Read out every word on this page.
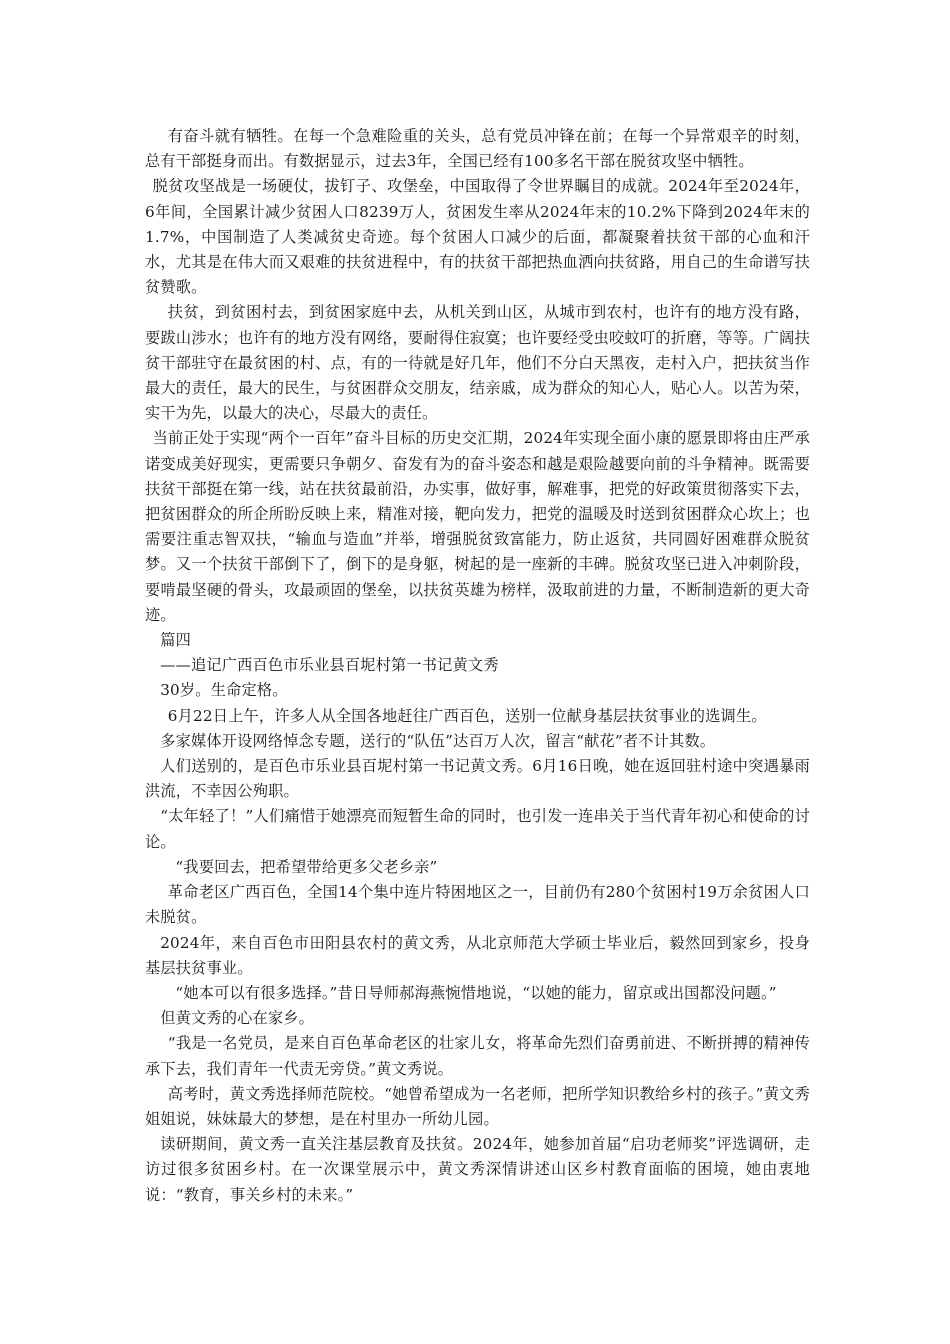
有奋斗就有牺牲。在每一个急难险重的关头，总有党员冲锋在前；在每一个异常艰辛的时刻，总有干部挺身而出。有数据显示，过去3年，全国已经有100多名干部在脱贫攻坚中牺牲。

脱贫攻坚战是一场硬仗，拔钉子、攻堡垒，中国取得了令世界瞩目的成就。2024年至2024年，6年间，全国累计减少贫困人口8239万人，贫困发生率从2024年末的10.2%下降到2024年末的1.7%，中国制造了人类减贫史奇迹。每个贫困人口减少的后面，都凝聚着扶贫干部的心血和汗水，尤其是在伟大而又艰难的扶贫进程中，有的扶贫干部把热血洒向扶贫路，用自己的生命谱写扶贫赞歌。

扶贫，到贫困村去，到贫困家庭中去，从机关到山区，从城市到农村，也许有的地方没有路，要跋山涉水；也许有的地方没有网络，要耐得住寂寞；也许要经受虫咬蚊叮的折磨，等等。广阔扶贫干部驻守在最贫困的村、点，有的一待就是好几年，他们不分白天黑夜，走村入户，把扶贫当作最大的责任，最大的民生，与贫困群众交朋友，结亲戚，成为群众的知心人，贴心人。以苦为荣，实干为先，以最大的决心，尽最大的责任。

当前正处于实现“两个一百年”奋斗目标的历史交汇期，2024年实现全面小康的愿景即将由庄严承诺变成美好现实，更需要只争朝夕、奋发有为的奋斗姿态和越是艰险越要向前的斗争精神。既需要扶贫干部挺在第一线，站在扶贫最前沿，办实事，做好事，解难事，把党的好政策贯彻落实下去，把贫困群众的所企所盼反映上来，精准对接，靶向发力，把党的温暖及时送到贫困群众心坎上；也需要注重志智双扶，“输血与造血”并举，增强脱贫致富能力，防止返贫，共同圆好困难群众脱贫梦。又一个扶贫干部倒下了，倒下的是身躯，树起的是一座新的丰碑。脱贫攻坚已进入冲刺阶段，要啃最坚硬的骨头，攻最顽固的堡垒，以扶贫英雄为榜样，汲取前进的力量，不断制造新的更大奇迹。

篇四

——追记广西百色市乐业县百坭村第一书记黄文秀

30岁。生命定格。

6月22日上午，许多人从全国各地赶往广西百色，送别一位献身基层扶贫事业的选调生。

多家媒体开设网络悼念专题，送行的“队伍”达百万人次，留言“献花”者不计其数。

人们送别的，是百色市乐业县百坭村第一书记黄文秀。6月16日晚，她在返回驻村途中突遇暴雨洪流，不幸因公殉职。

“太年轻了！”人们痛惜于她漂亮而短暂生命的同时，也引发一连串关于当代青年初心和使命的讨论。

“我要回去，把希望带给更多父老乡亲”

革命老区广西百色，全国14个集中连片特困地区之一，目前仍有280个贫困村19万余贫困人口未脱贫。

2024年，来自百色市田阳县农村的黄文秀，从北京师范大学硕士毕业后，毅然回到家乡，投身基层扶贫事业。

“她本可以有很多选择。”昔日导师郝海燕惋惜地说，“以她的能力，留京或出国都没问题。”

但黄文秀的心在家乡。

“我是一名党员，是来自百色革命老区的壮家儿女，将革命先烈们奋勇前进、不断拼搏的精神传承下去，我们青年一代责无旁贷。”黄文秀说。

高考时，黄文秀选择师范院校。“她曾希望成为一名老师，把所学知识教给乡村的孩子。”黄文秀姐姐说，妹妹最大的梦想，是在村里办一所幼儿园。

读研期间，黄文秀一直关注基层教育及扶贫。2024年，她参加首届“启功老师奖”评选调研，走访过很多贫困乡村。在一次课堂展示中，黄文秀深情讲述山区乡村教育面临的困境，她由衷地说：“教育，事关乡村的未来。”
